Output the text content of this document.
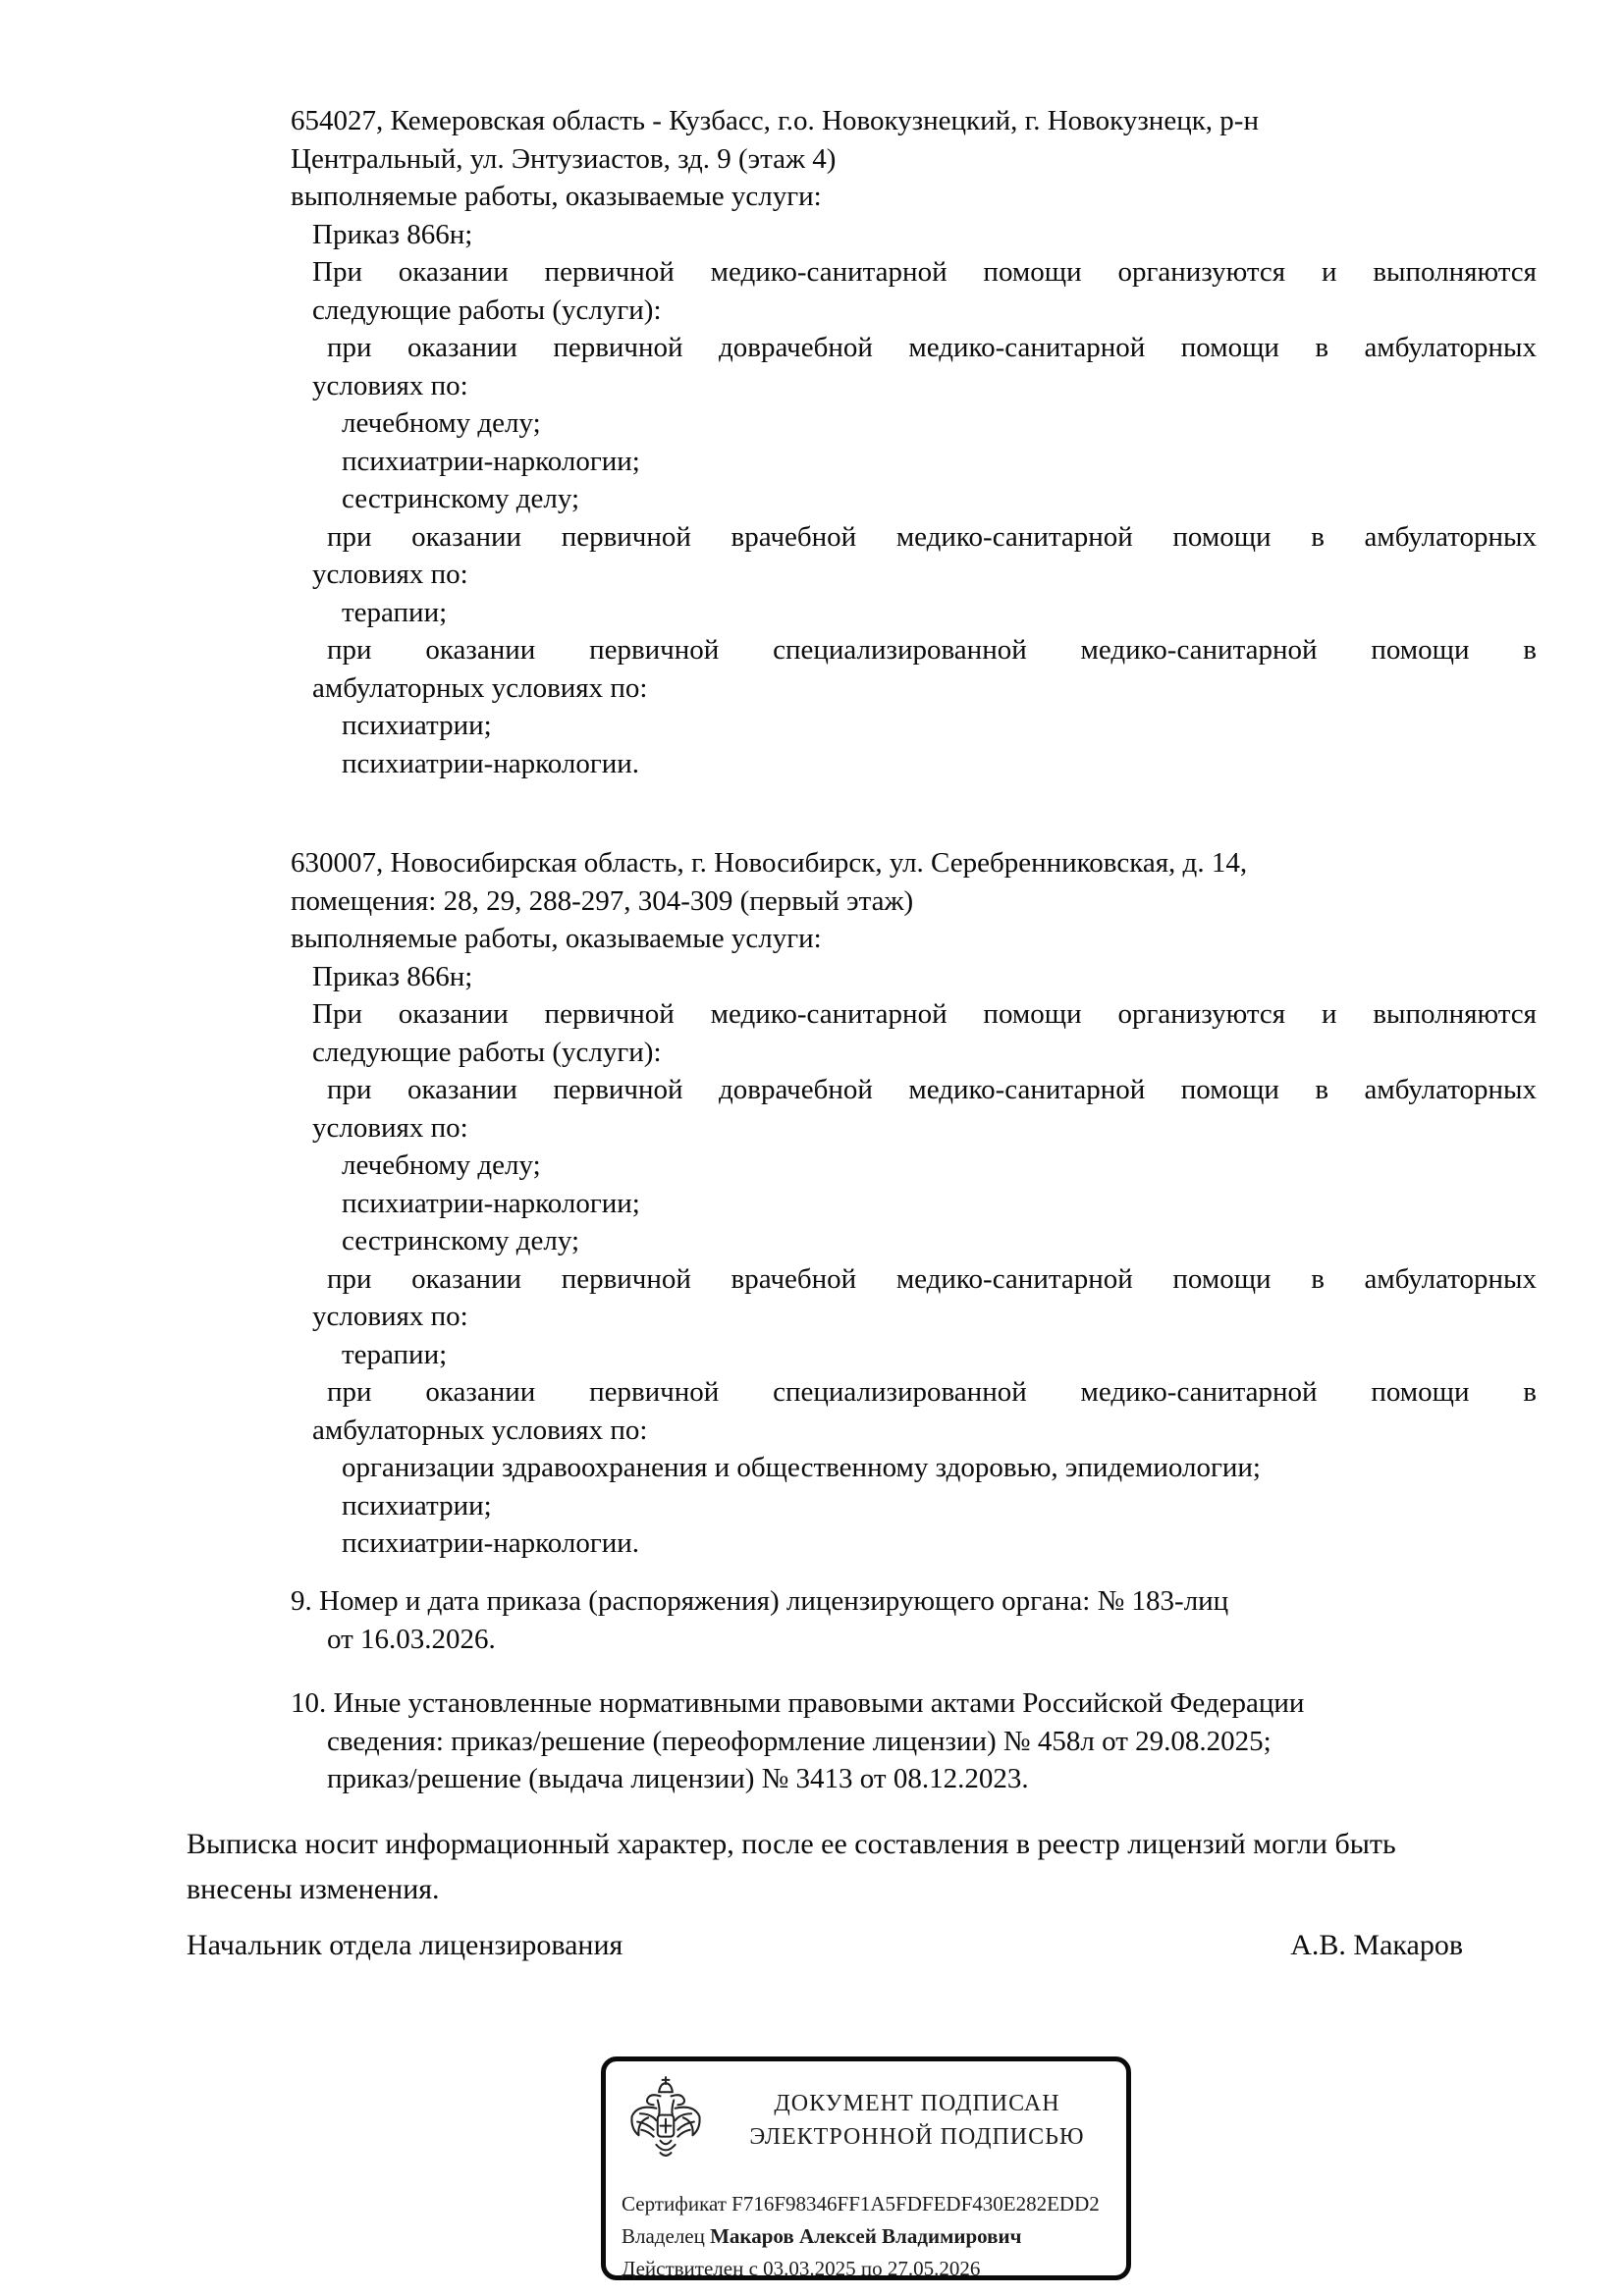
654027, Кемеровская область - Кузбасс, г.о. Новокузнецкий, г. Новокузнецк, р-н
Центральный, ул. Энтузиастов, зд. 9 (этаж 4)
выполняемые работы, оказываемые услуги:
Приказ 866н;
При оказании первичной медико-санитарной помощи организуются и выполняются
следующие работы (услуги):
при оказании первичной доврачебной медико-санитарной помощи в амбулаторных
условиях по:
лечебному делу;
психиатрии-наркологии;
сестринскому делу;
при оказании первичной врачебной медико-санитарной помощи в амбулаторных
условиях по:
терапии;
при оказании первичной специализированной медико-санитарной помощи в
амбулаторных условиях по:
психиатрии;
психиатрии-наркологии.
630007, Новосибирская область, г. Новосибирск, ул. Серебренниковская, д. 14,
помещения: 28, 29, 288-297, 304-309 (первый этаж)
выполняемые работы, оказываемые услуги:
Приказ 866н;
При оказании первичной медико-санитарной помощи организуются и выполняются
следующие работы (услуги):
при оказании первичной доврачебной медико-санитарной помощи в амбулаторных
условиях по:
лечебному делу;
психиатрии-наркологии;
сестринскому делу;
при оказании первичной врачебной медико-санитарной помощи в амбулаторных
условиях по:
терапии;
при оказании первичной специализированной медико-санитарной помощи в
амбулаторных условиях по:
организации здравоохранения и общественному здоровью, эпидемиологии;
психиатрии;
психиатрии-наркологии.
9. Номер и дата приказа (распоряжения) лицензирующего органа: № 183-лиц
от 16.03.2026.
10. Иные установленные нормативными правовыми актами Российской Федерации
сведения: приказ/решение (переоформление лицензии) № 458л от 29.08.2025;
приказ/решение (выдача лицензии) № 3413 от 08.12.2023.
Выписка носит информационный характер, после ее составления в реестр лицензий могли быть
внесены изменения.
Начальник отдела лицензирования	А.В. Макаров
ДОКУМЕНТ ПОДПИСАН
ЭЛЕКТРОННОЙ ПОДПИСЬЮ
Сертификат F716F98346FF1A5FDFEDF430E282EDD2
Владелец Макаров Алексей Владимирович
Действителен с 03.03.2025 по 27.05.2026
